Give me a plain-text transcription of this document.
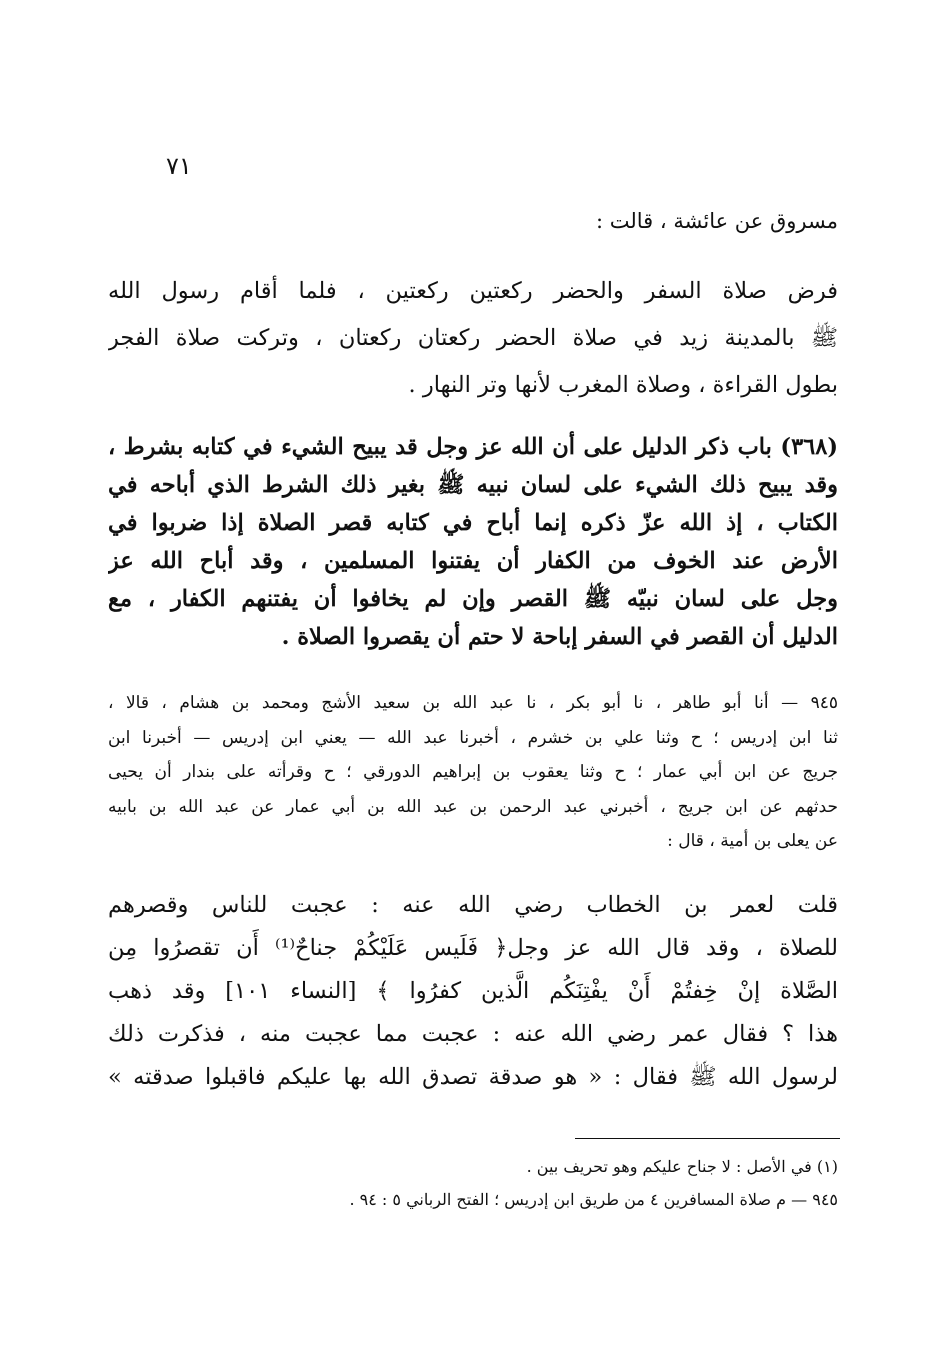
٧١
مسروق عن عائشة ، قالت :
فرض صلاة السفر والحضر ركعتين ركعتين ، فلما أقام رسول الله
ﷺ بالمدينة زيد في صلاة الحضر ركعتان ركعتان ، وتركت صلاة الفجر
بطول القراءة ، وصلاة المغرب لأنها وتر النهار .
(٣٦٨) باب ذكر الدليل على أن الله عز وجل قد يبيح الشيء في كتابه بشرط ،
وقد يبيح ذلك الشيء على لسان نبيه ﷺ بغير ذلك الشرط الذي أباحه في
الكتاب ، إذ الله عزّ ذكره إنما أباح في كتابه قصر الصلاة إذا ضربوا في
الأرض عند الخوف من الكفار أن يفتنوا المسلمين ، وقد أباح الله عز
وجل على لسان نبيّه ﷺ القصر وإن لم يخافوا أن يفتنهم الكفار ، مع
الدليل أن القصر في السفر إباحة لا حتم أن يقصروا الصلاة .
٩٤٥ — أنا أبو طاهر ، نا أبو بكر ، نا عبد الله بن سعيد الأشج ومحمد بن هشام ، قالا ،
ثنا ابن إدريس ؛ ح وثنا علي بن خشرم ، أخبرنا عبد الله — يعني ابن إدريس — أخبرنا ابن
جريج عن ابن أبي عمار ؛ ح وثنا يعقوب بن إبراهيم الدورقي ؛ ح وقرأته على بندار أن يحيى
حدثهم عن ابن جريج ، أخبرني عبد الرحمن بن عبد الله بن أبي عمار عن عبد الله بن بابيه
عن يعلى بن أمية ، قال :
قلت لعمر بن الخطاب رضي الله عنه : عجبت للناس وقصرهم
للصلاة ، وقد قال الله عز وجل﴿ فَلَيس عَلَيْكُمْ جناحٌ⁽¹⁾ أَن تقصرُوا مِن
الصَّلاة إنْ خِفتُمْ أَنْ يفْتِنَكُم الَّذين كفرُوا ﴾ [النساء ١٠١] وقد ذهب
هذا ؟ فقال عمر رضي الله عنه : عجبت مما عجبت منه ، فذكرت ذلك
لرسول الله ﷺ فقال : « هو صدقة تصدق الله بها عليكم فاقبلوا صدقته »
(١) في الأصل : لا جناح عليكم وهو تحريف بين .
٩٤٥ — م صلاة المسافرين ٤ من طريق ابن إدريس ؛ الفتح الرباني ٥ : ٩٤ .
